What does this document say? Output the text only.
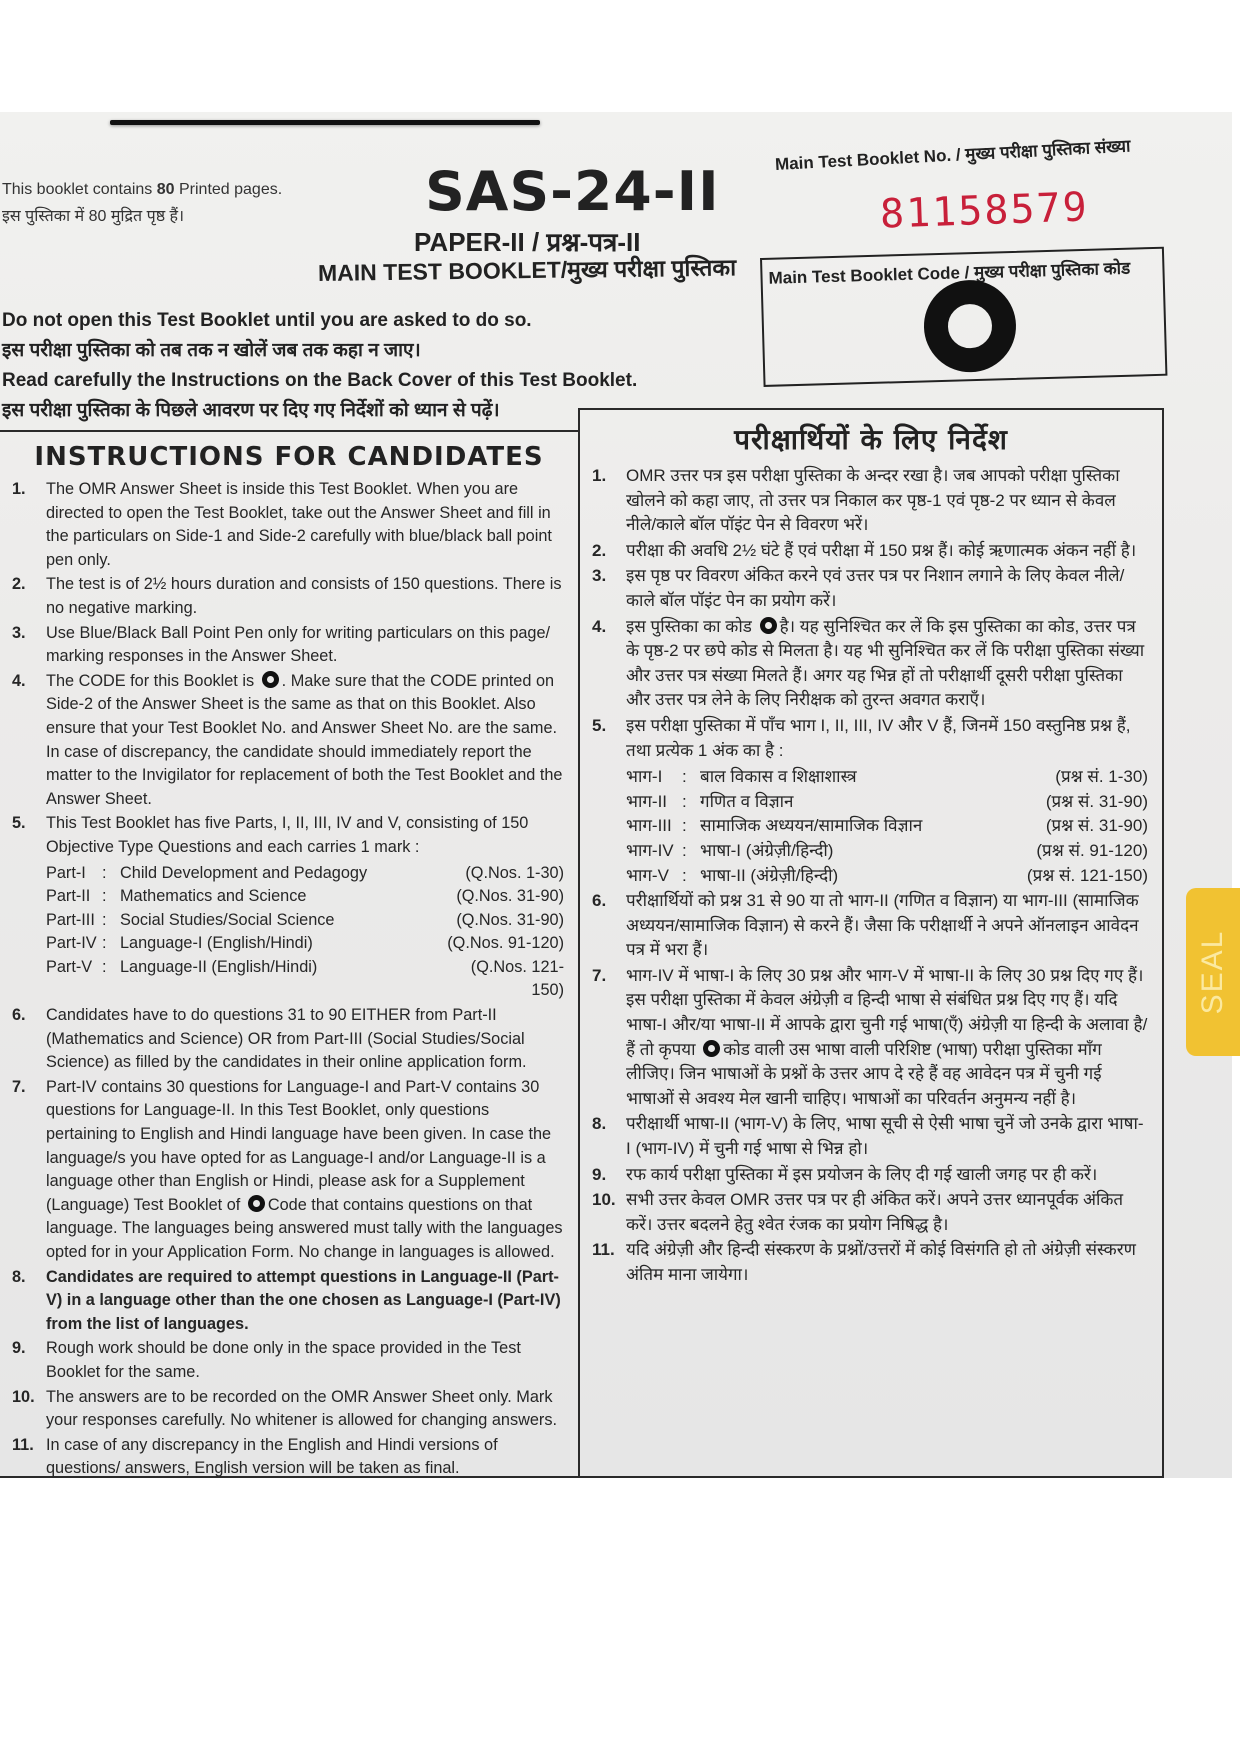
This booklet contains 80 Printed pages.
इस पुस्तिका में 80 मुद्रित पृष्ठ हैं।	SAS-24-II
PAPER-II / प्रश्न-पत्र-II
MAIN TEST BOOKLET/मुख्य परीक्षा पुस्तिका
Main Test Booklet No. / मुख्य परीक्षा पुस्तिका संख्या
81158579
Main Test Booklet Code / मुख्य परीक्षा पुस्तिका कोड
Do not open this Test Booklet until you are asked to do so.
इस परीक्षा पुस्तिका को तब तक न खोलें जब तक कहा न जाए।
Read carefully the Instructions on the Back Cover of this Test Booklet.
इस परीक्षा पुस्तिका के पिछले आवरण पर दिए गए निर्देशों को ध्यान से पढ़ें।
INSTRUCTIONS FOR CANDIDATES
1. The OMR Answer Sheet is inside this Test Booklet. When you are directed to open the Test Booklet, take out the Answer Sheet and fill in the particulars on Side-1 and Side-2 carefully with blue/black ball point pen only.
2. The test is of 2½ hours duration and consists of 150 questions. There is no negative marking.
3. Use Blue/Black Ball Point Pen only for writing particulars on this page/ marking responses in the Answer Sheet.
4. The CODE for this Booklet is . Make sure that the CODE printed on Side-2 of the Answer Sheet is the same as that on this Booklet. Also ensure that your Test Booklet No. and Answer Sheet No. are the same. In case of discrepancy, the candidate should immediately report the matter to the Invigilator for replacement of both the Test Booklet and the Answer Sheet.
5. This Test Booklet has five Parts, I, II, III, IV and V, consisting of 150 Objective Type Questions and each carries 1 mark :
Part-I : Child Development and Pedagogy	(Q.Nos. 1-30)
Part-II : Mathematics and Science	(Q.Nos. 31-90)
Part-III : Social Studies/Social Science	(Q.Nos. 31-90)
Part-IV : Language-I (English/Hindi)	(Q.Nos. 91-120)
Part-V : Language-II (English/Hindi)	(Q.Nos. 121-150)
6. Candidates have to do questions 31 to 90 EITHER from Part-II (Mathematics and Science) OR from Part-III (Social Studies/Social Science) as filled by the candidates in their online application form.
7. Part-IV contains 30 questions for Language-I and Part-V contains 30 questions for Language-II. In this Test Booklet, only questions pertaining to English and Hindi language have been given. In case the language/s you have opted for as Language-I and/or Language-II is a language other than English or Hindi, please ask for a Supplement (Language) Test Booklet of Code that contains questions on that language. The languages being answered must tally with the languages opted for in your Application Form. No change in languages is allowed.
8. Candidates are required to attempt questions in Language-II (Part-V) in a language other than the one chosen as Language-I (Part-IV) from the list of languages.
9. Rough work should be done only in the space provided in the Test Booklet for the same.
10. The answers are to be recorded on the OMR Answer Sheet only. Mark your responses carefully. No whitener is allowed for changing answers.
11. In case of any discrepancy in the English and Hindi versions of questions/ answers, English version will be taken as final.
परीक्षार्थियों के लिए निर्देश
1. OMR उत्तर पत्र इस परीक्षा पुस्तिका के अन्दर रखा है। जब आपको परीक्षा पुस्तिका खोलने को कहा जाए, तो उत्तर पत्र निकाल कर पृष्ठ-1 एवं पृष्ठ-2 पर ध्यान से केवल नीले/काले बॉल पॉइंट पेन से विवरण भरें।
2. परीक्षा की अवधि 2½ घंटे हैं एवं परीक्षा में 150 प्रश्न हैं। कोई ऋणात्मक अंकन नहीं है।
3. इस पृष्ठ पर विवरण अंकित करने एवं उत्तर पत्र पर निशान लगाने के लिए केवल नीले/काले बॉल पॉइंट पेन का प्रयोग करें।
4. इस पुस्तिका का कोड है। यह सुनिश्चित कर लें कि इस पुस्तिका का कोड, उत्तर पत्र के पृष्ठ-2 पर छपे कोड से मिलता है। यह भी सुनिश्चित कर लें कि परीक्षा पुस्तिका संख्या और उत्तर पत्र संख्या मिलते हैं। अगर यह भिन्न हों तो परीक्षार्थी दूसरी परीक्षा पुस्तिका और उत्तर पत्र लेने के लिए निरीक्षक को तुरन्त अवगत कराएँ।
5. इस परीक्षा पुस्तिका में पाँच भाग I, II, III, IV और V हैं, जिनमें 150 वस्तुनिष्ठ प्रश्न हैं, तथा प्रत्येक 1 अंक का है :
भाग-I	: बाल विकास व शिक्षाशास्त्र	(प्रश्न सं. 1-30)
भाग-II : गणित व विज्ञान	(प्रश्न सं. 31-90)
भाग-III : सामाजिक अध्ययन/सामाजिक विज्ञान	(प्रश्न सं. 31-90)
भाग-IV : भाषा-I (अंग्रेज़ी/हिन्दी)	(प्रश्न सं. 91-120)
भाग-V : भाषा-II (अंग्रेज़ी/हिन्दी)	(प्रश्न सं. 121-150)
6. परीक्षार्थियों को प्रश्न 31 से 90 या तो भाग-II (गणित व विज्ञान) या भाग-III (सामाजिक अध्ययन/सामाजिक विज्ञान) से करने हैं। जैसा कि परीक्षार्थी ने अपने ऑनलाइन आवेदन पत्र में भरा हैं।
7. भाग-IV में भाषा-I के लिए 30 प्रश्न और भाग-V में भाषा-II के लिए 30 प्रश्न दिए गए हैं। इस परीक्षा पुस्तिका में केवल अंग्रेज़ी व हिन्दी भाषा से संबंधित प्रश्न दिए गए हैं। यदि भाषा-I और/या भाषा-II में आपके द्वारा चुनी गई भाषा(एँ) अंग्रेज़ी या हिन्दी के अलावा है/हैं तो कृपया कोड वाली उस भाषा वाली परिशिष्ट (भाषा) परीक्षा पुस्तिका माँग लीजिए। जिन भाषाओं के प्रश्नों के उत्तर आप दे रहे हैं वह आवेदन पत्र में चुनी गई भाषाओं से अवश्य मेल खानी चाहिए। भाषाओं का परिवर्तन अनुमन्य नहीं है।
8. परीक्षार्थी भाषा-II (भाग-V) के लिए, भाषा सूची से ऐसी भाषा चुनें जो उनके द्वारा भाषा-I (भाग-IV) में चुनी गई भाषा से भिन्न हो।
9. रफ कार्य परीक्षा पुस्तिका में इस प्रयोजन के लिए दी गई खाली जगह पर ही करें।
10. सभी उत्तर केवल OMR उत्तर पत्र पर ही अंकित करें। अपने उत्तर ध्यानपूर्वक अंकित करें। उत्तर बदलने हेतु श्वेत रंजक का प्रयोग निषिद्ध है।
11. यदि अंग्रेज़ी और हिन्दी संस्करण के प्रश्नों/उत्तरों में कोई विसंगति हो तो अंग्रेज़ी संस्करण अंतिम माना जायेगा।
SEAL
